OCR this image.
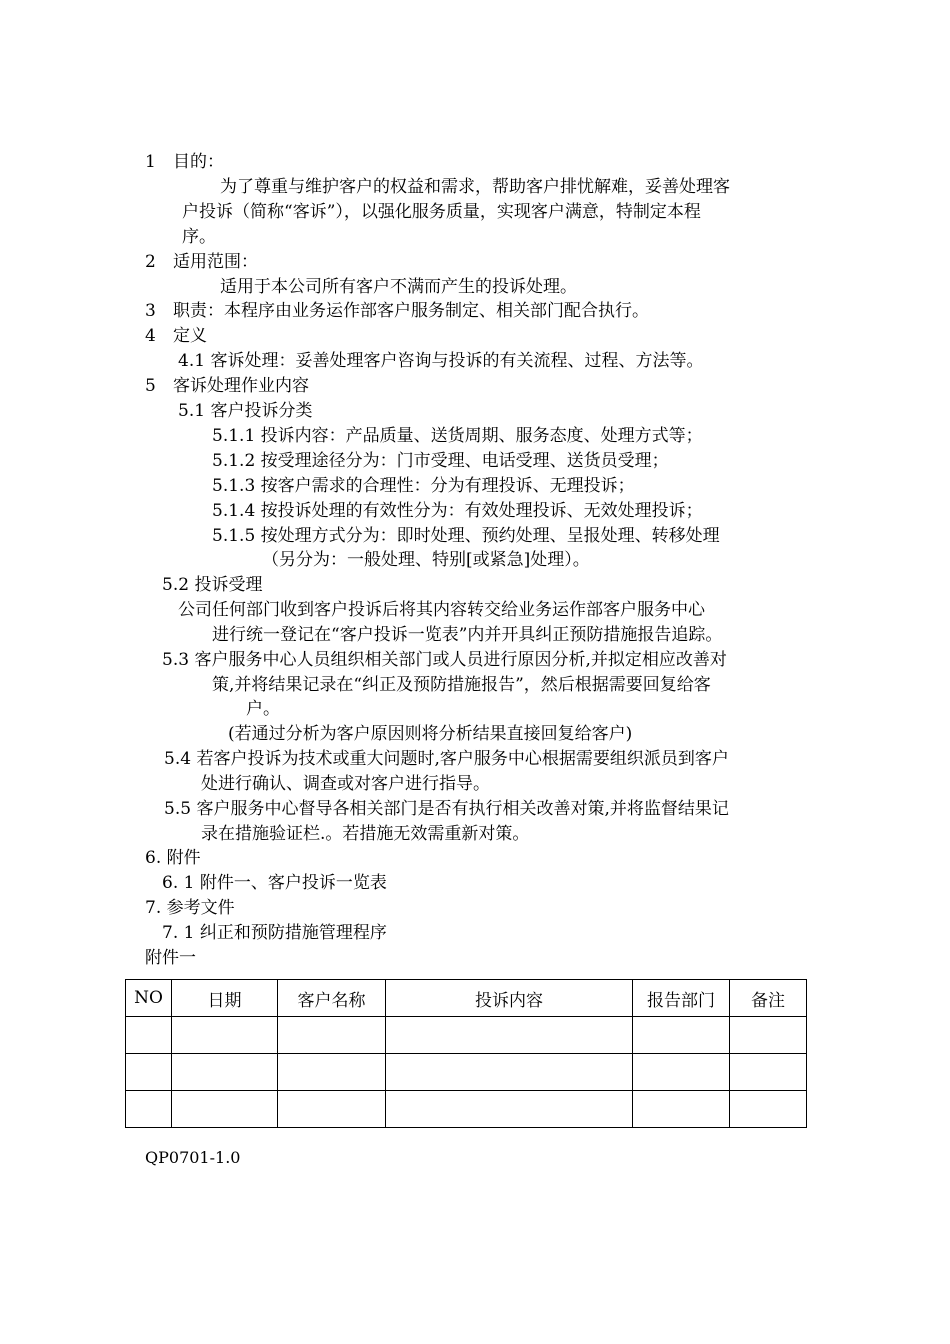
1 目的：
为了尊重与维护客户的权益和需求，帮助客户排忧解难，妥善处理客
户投诉（简称“客诉”），以强化服务质量，实现客户满意，特制定本程
序。
2 适用范围：
适用于本公司所有客户不满而产生的投诉处理。
3 职责：本程序由业务运作部客户服务制定、相关部门配合执行。
4 定义
4.1 客诉处理：妥善处理客户咨询与投诉的有关流程、过程、方法等。
5 客诉处理作业内容
5.1 客户投诉分类
5.1.1 投诉内容：产品质量、送货周期、服务态度、处理方式等；
5.1.2 按受理途径分为：门市受理、电话受理、送货员受理；
5.1.3 按客户需求的合理性：分为有理投诉、无理投诉；
5.1.4 按投诉处理的有效性分为：有效处理投诉、无效处理投诉；
5.1.5 按处理方式分为：即时处理、预约处理、呈报处理、转移处理
（另分为：一般处理、特别[或紧急]处理）。
5.2 投诉受理
公司任何部门收到客户投诉后将其内容转交给业务运作部客户服务中心
进行统一登记在“客户投诉一览表”内并开具纠正预防措施报告追踪。
5.3 客户服务中心人员组织相关部门或人员进行原因分析,并拟定相应改善对
策,并将结果记录在“纠正及预防措施报告”，然后根据需要回复给客
户。
(若通过分析为客户原因则将分析结果直接回复给客户)
5.4 若客户投诉为技术或重大问题时,客户服务中心根据需要组织派员到客户
处进行确认、调查或对客户进行指导。
5.5 客户服务中心督导各相关部门是否有执行相关改善对策,并将监督结果记
录在措施验证栏.。若措施无效需重新对策。
6. 附件
6. 1 附件一、客户投诉一览表
7. 参考文件
7. 1 纠正和预防措施管理程序
附件一
NO	日期	客户名称	投诉内容	报告部门	备注

QP0701-1.0
